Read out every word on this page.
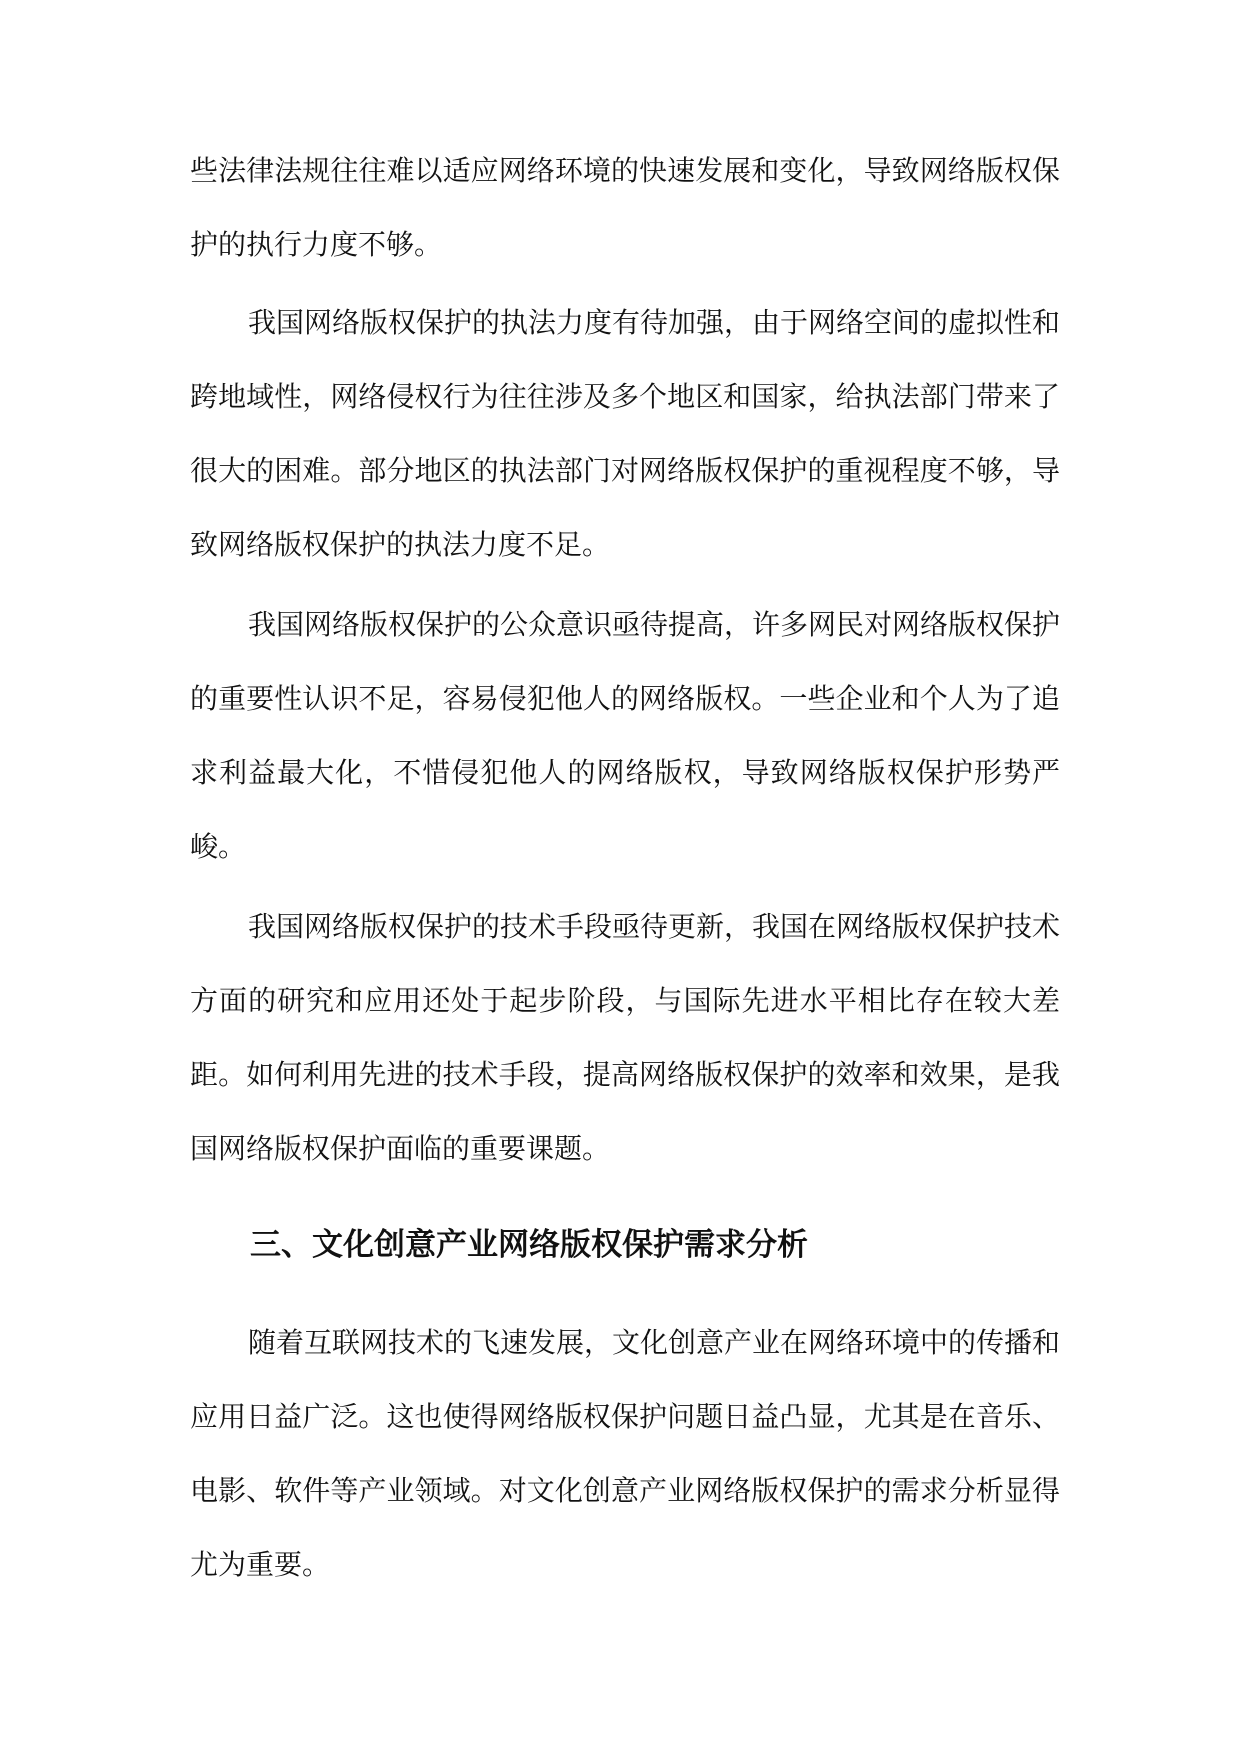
些法律法规往往难以适应网络环境的快速发展和变化，导致网络版权保护的执行力度不够。

我国网络版权保护的执法力度有待加强，由于网络空间的虚拟性和跨地域性，网络侵权行为往往涉及多个地区和国家，给执法部门带来了很大的困难。部分地区的执法部门对网络版权保护的重视程度不够，导致网络版权保护的执法力度不足。

我国网络版权保护的公众意识亟待提高，许多网民对网络版权保护的重要性认识不足，容易侵犯他人的网络版权。一些企业和个人为了追求利益最大化，不惜侵犯他人的网络版权，导致网络版权保护形势严峻。

我国网络版权保护的技术手段亟待更新，我国在网络版权保护技术方面的研究和应用还处于起步阶段，与国际先进水平相比存在较大差距。如何利用先进的技术手段，提高网络版权保护的效率和效果，是我国网络版权保护面临的重要课题。

三、文化创意产业网络版权保护需求分析

随着互联网技术的飞速发展，文化创意产业在网络环境中的传播和应用日益广泛。这也使得网络版权保护问题日益凸显，尤其是在音乐、电影、软件等产业领域。对文化创意产业网络版权保护的需求分析显得尤为重要。
